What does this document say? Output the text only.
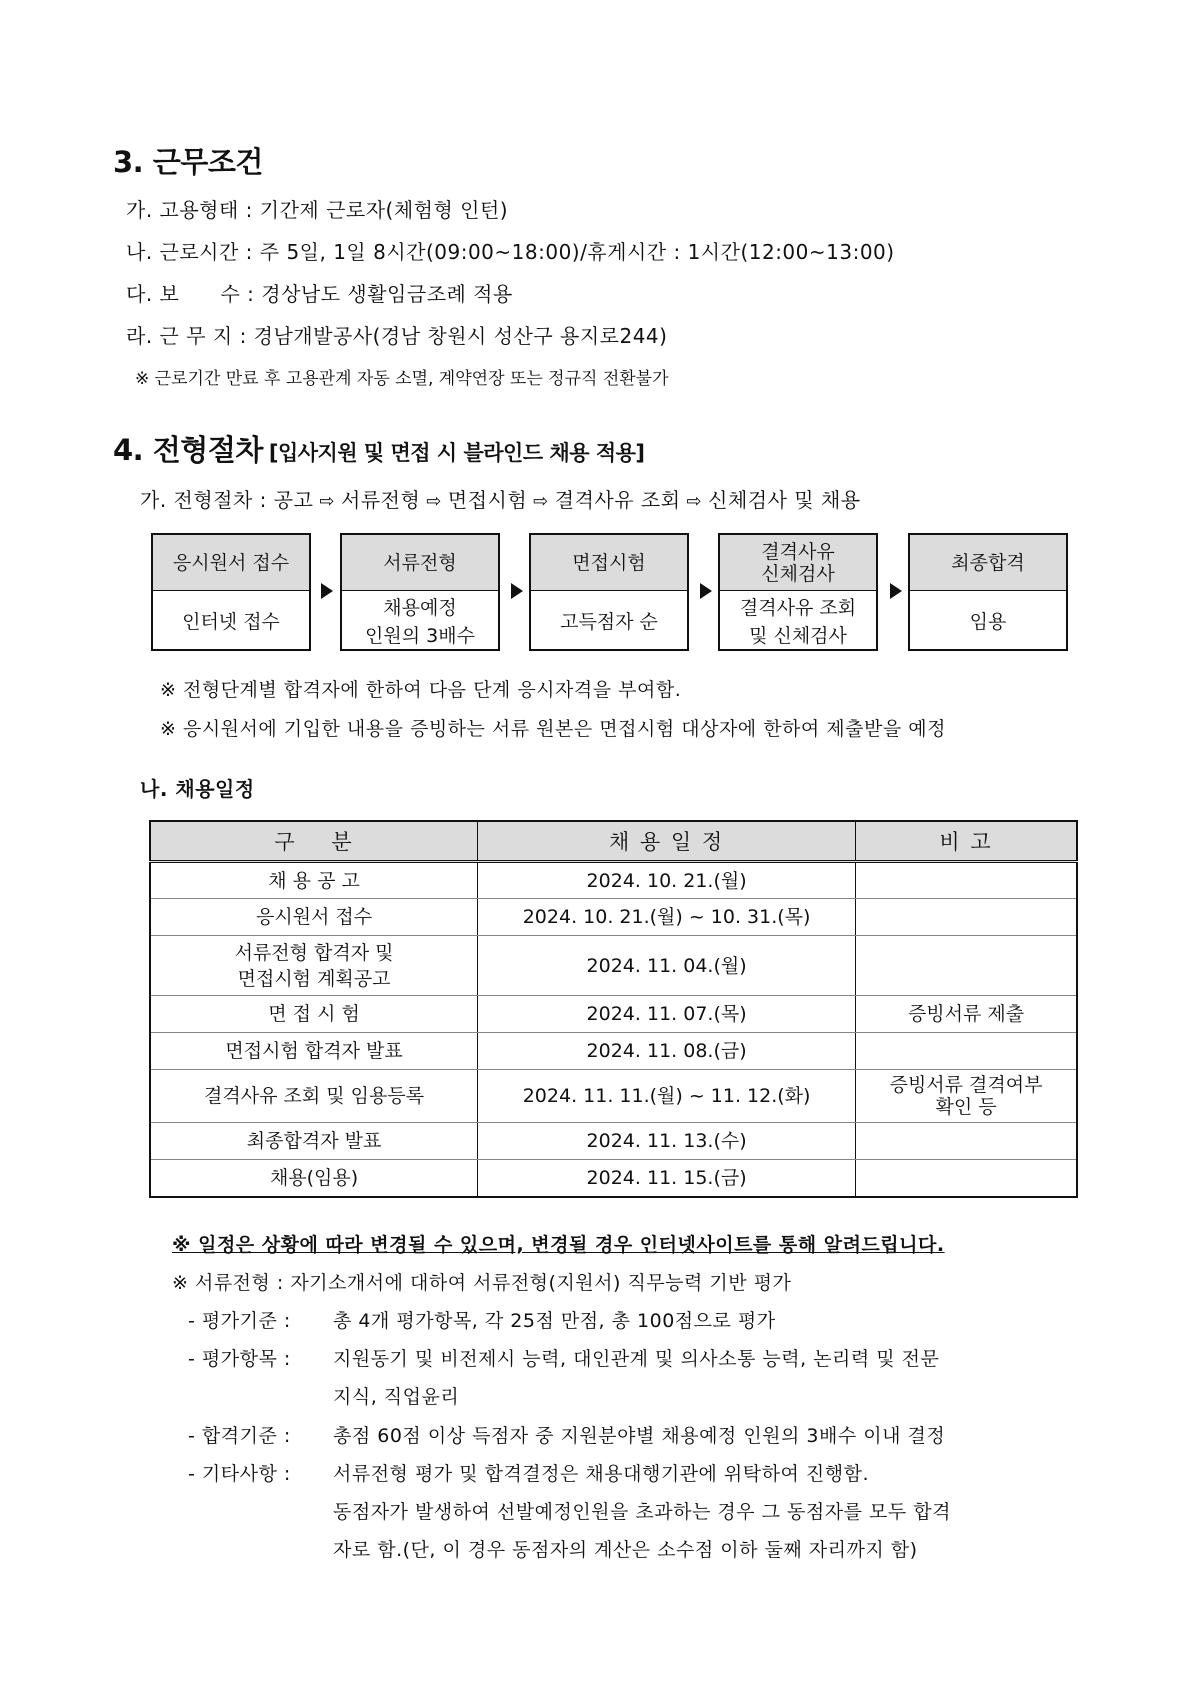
3. 근무조건
가. 고용형태 : 기간제 근로자(체험형 인턴)
나. 근로시간 : 주 5일, 1일 8시간(09:00~18:00)/휴게시간 : 1시간(12:00~13:00)
다. 보      수 : 경상남도 생활임금조례 적용
라. 근 무 지 : 경남개발공사(경남 창원시 성산구 용지로244)
※ 근로기간 만료 후 고용관계 자동 소멸, 계약연장 또는 정규직 전환불가
4. 전형절차 [입사지원 및 면접 시 블라인드 채용 적용]
가. 전형절차 : 공고 ⇨ 서류전형 ⇨ 면접시험 ⇨ 결격사유 조회 ⇨ 신체검사 및 채용
응시원서 접수
인터넷 접수
서류전형
채용예정
인원의 3배수
면접시험
고득점자 순
결격사유
신체검사
결격사유 조회
및 신체검사
최종합격
임용
※ 전형단계별 합격자에 한하여 다음 단계 응시자격을 부여함.
※ 응시원서에 기입한 내용을 증빙하는 서류 원본은 면접시험 대상자에 한하여 제출받을 예정
나. 채용일정
구    분	채 용 일 정	비 고
채 용 공 고	2024. 10. 21.(월)	
응시원서 접수	2024. 10. 21.(월) ~ 10. 31.(목)	
서류전형 합격자 및
면접시험 계획공고	2024. 11. 04.(월)	
면 접 시 험	2024. 11. 07.(목)	증빙서류 제출
면접시험 합격자 발표	2024. 11. 08.(금)	
결격사유 조회 및 임용등록	2024. 11. 11.(월) ~ 11. 12.(화)	증빙서류 결격여부
확인 등
최종합격자 발표	2024. 11. 13.(수)	
채용(임용)	2024. 11. 15.(금)	
※ 일정은 상황에 따라 변경될 수 있으며, 변경될 경우 인터넷사이트를 통해 알려드립니다.
※ 서류전형 : 자기소개서에 대하여 서류전형(지원서) 직무능력 기반 평가
- 평가기준 : 총 4개 평가항목, 각 25점 만점, 총 100점으로 평가
- 평가항목 : 지원동기 및 비전제시 능력, 대인관계 및 의사소통 능력, 논리력 및 전문
지식, 직업윤리
- 합격기준 : 총점 60점 이상 득점자 중 지원분야별 채용예정 인원의 3배수 이내 결정
- 기타사항 : 서류전형 평가 및 합격결정은 채용대행기관에 위탁하여 진행함.
동점자가 발생하여 선발예정인원을 초과하는 경우 그 동점자를 모두 합격
자로 함.(단, 이 경우 동점자의 계산은 소수점 이하 둘째 자리까지 함)
